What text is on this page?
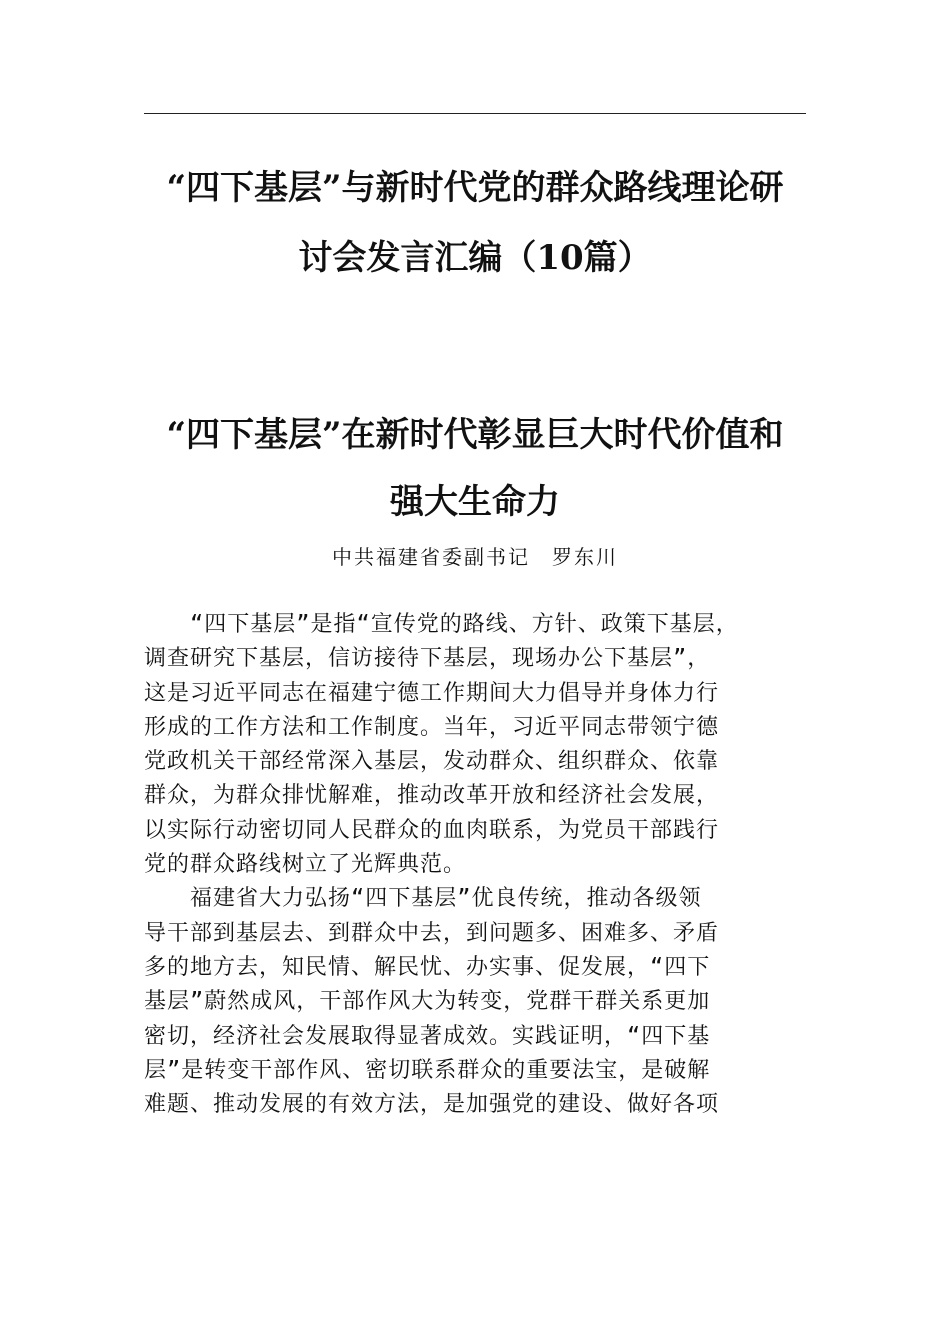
“四下基层”与新时代党的群众路线理论研
讨会发言汇编（10篇）
“四下基层”在新时代彰显巨大时代价值和
强大生命力
中共福建省委副书记　罗东川
“四下基层”是指“宣传党的路线、方针、政策下基层，
调查研究下基层，信访接待下基层，现场办公下基层”，
这是习近平同志在福建宁德工作期间大力倡导并身体力行
形成的工作方法和工作制度。当年，习近平同志带领宁德
党政机关干部经常深入基层，发动群众、组织群众、依靠
群众，为群众排忧解难，推动改革开放和经济社会发展，
以实际行动密切同人民群众的血肉联系，为党员干部践行
党的群众路线树立了光辉典范。
福建省大力弘扬“四下基层”优良传统，推动各级领
导干部到基层去、到群众中去，到问题多、困难多、矛盾
多的地方去，知民情、解民忧、办实事、促发展，“四下
基层”蔚然成风，干部作风大为转变，党群干群关系更加
密切，经济社会发展取得显著成效。实践证明，“四下基
层”是转变干部作风、密切联系群众的重要法宝，是破解
难题、推动发展的有效方法，是加强党的建设、做好各项
